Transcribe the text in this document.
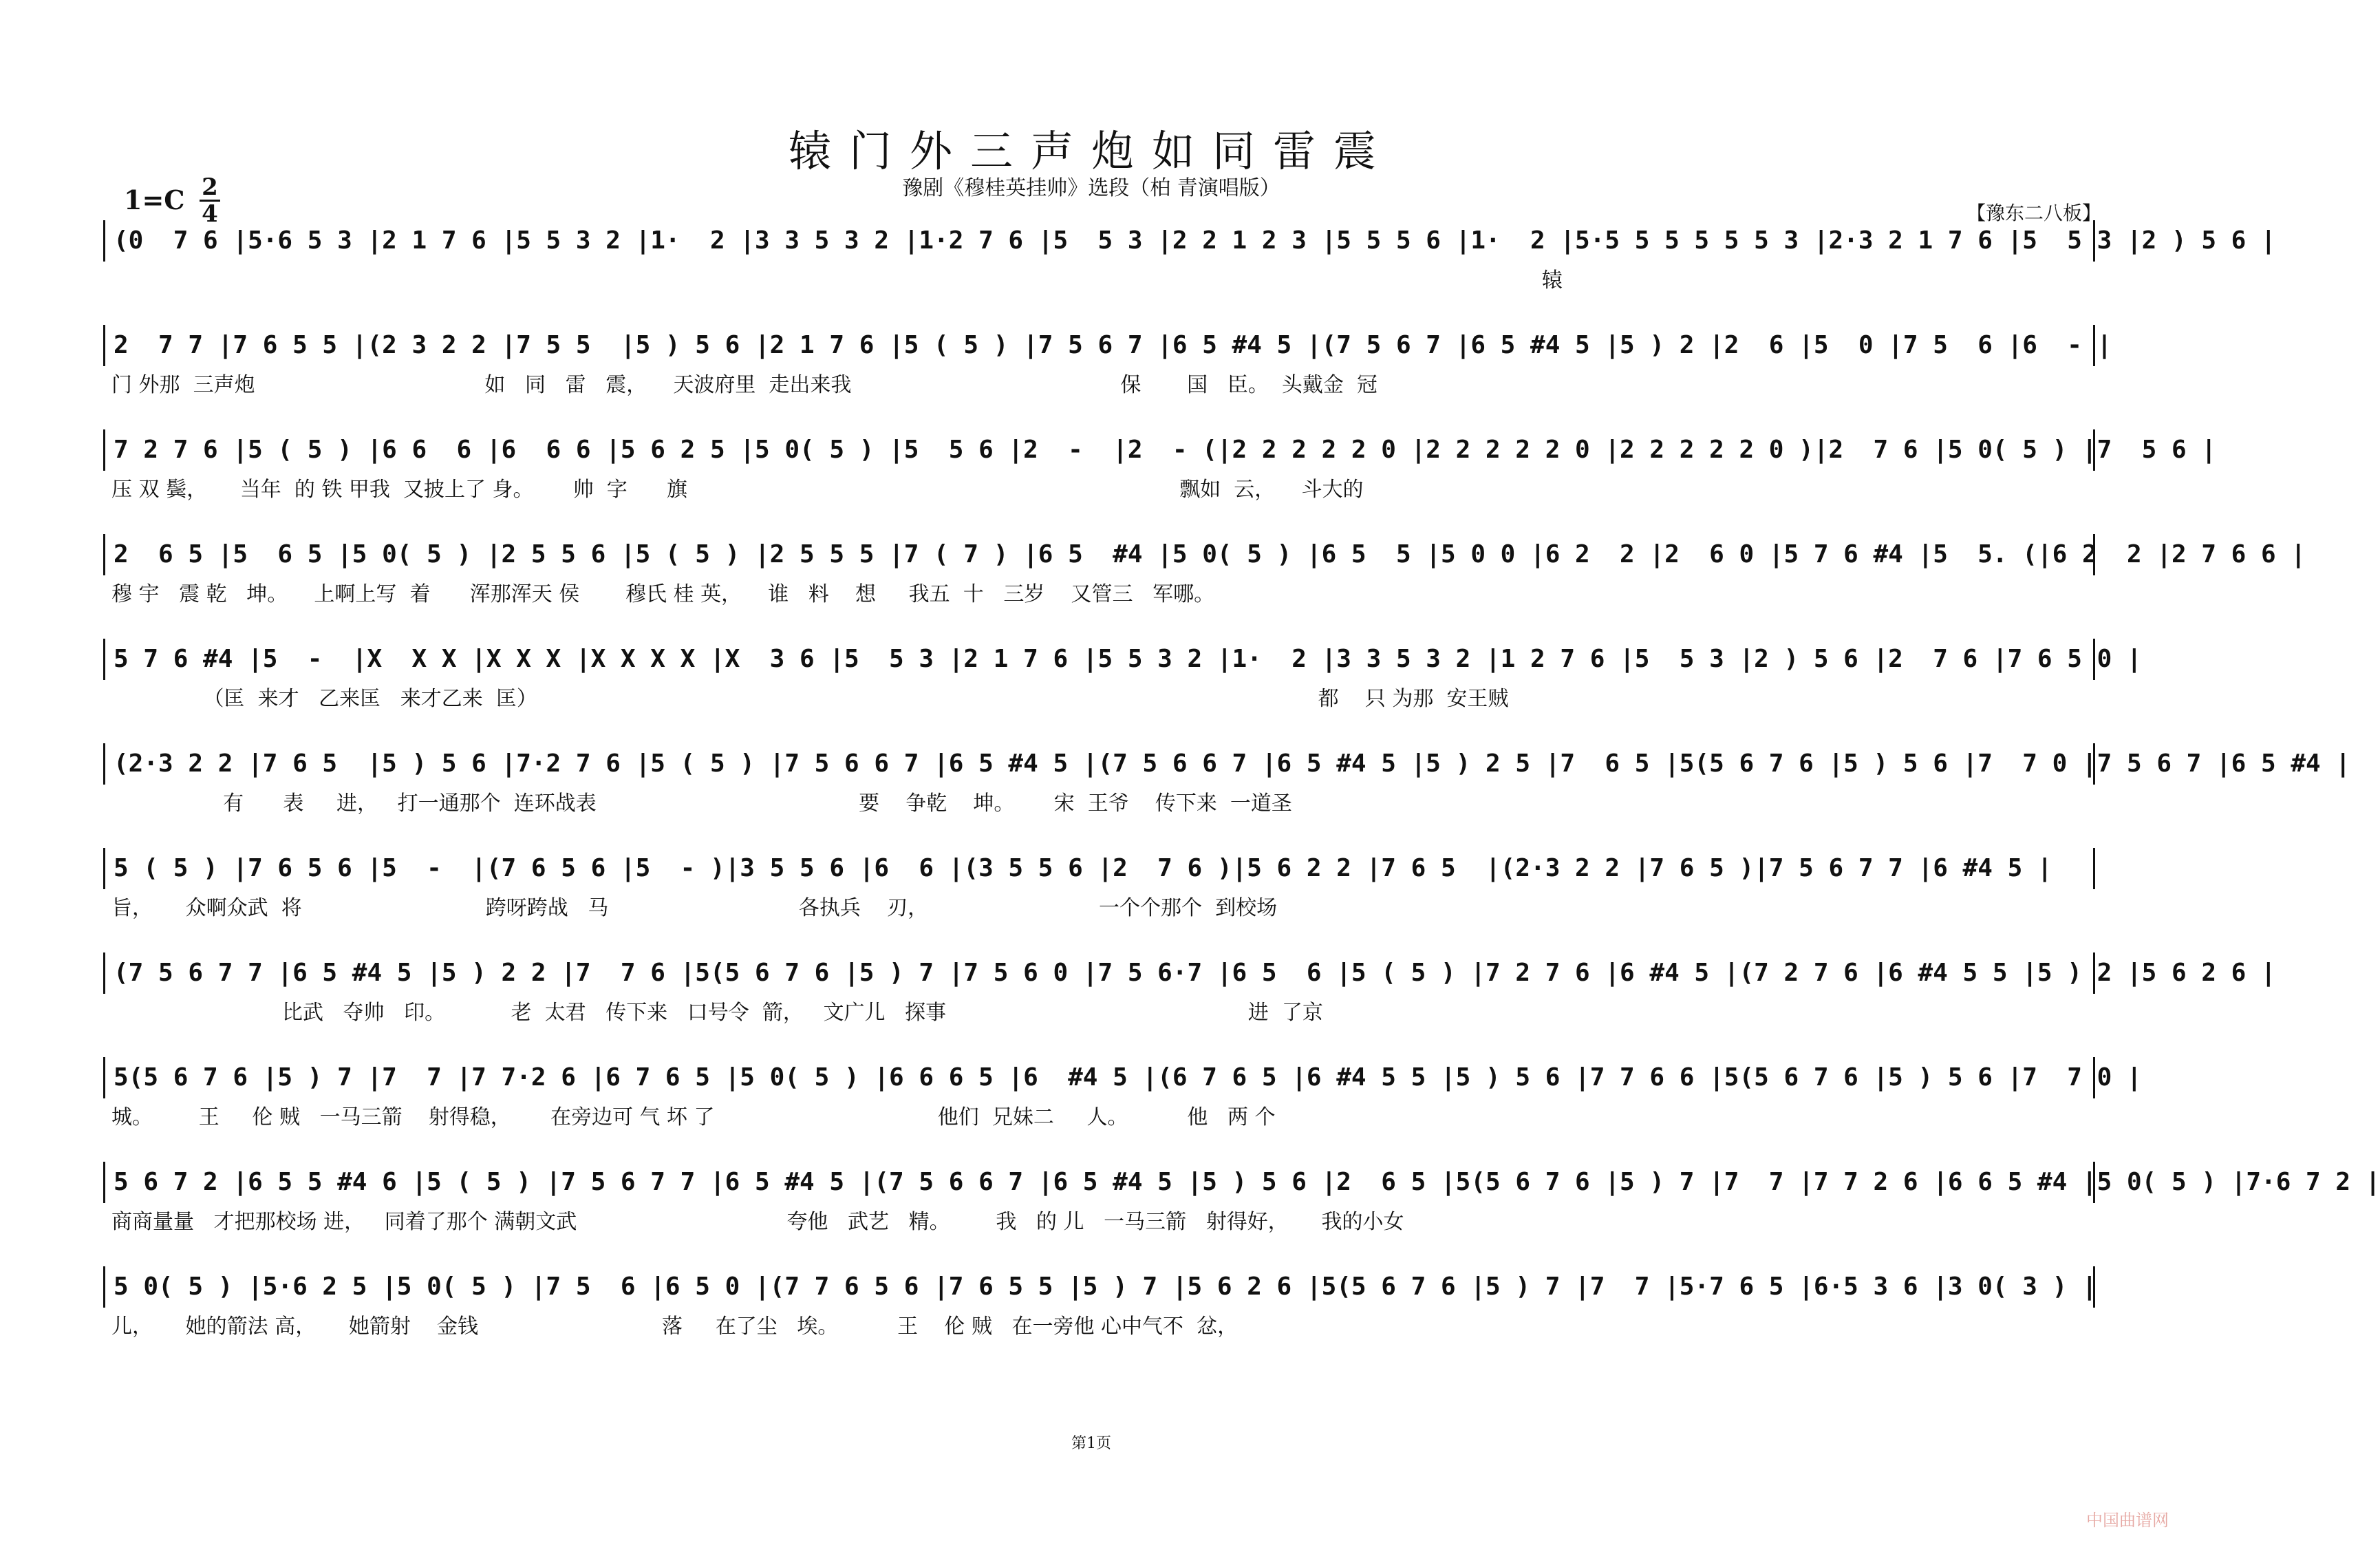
辕门外三声炮如同雷震
豫剧《穆桂英挂帅》选段（柏 青演唱版）
1=C 2
4	【豫东二八板】
(0  7 6 |5·6 5 3 |2 1 7 6 |5 5 3 2 |1·  2 |3 3 5 3 2 |1·2 7 6 |5  5 3 |2 2 1 2 3 |5 5 5 6 |1·  2 |5·5 5 5 5 5 5 3 |2·3 2 1 7 6 |5  5 3 |2 ) 5 6 |
辕
2  7 7 |7 6 5 5 |(2 3 2 2 |7 5 5  |5 ) 5 6 |2 1 7 6 |5 ( 5 ) |7 5 6 7 |6 5 #4 5 |(7 5 6 7 |6 5 #4 5 |5 ) 2 |2  6 |5  0 |7 5  6 |6  - |
门 外那  三声炮                                   如   同   雷   震，    天波府里  走出来我                                         保       国   臣。  头戴金  冠
7 2 7 6 |5 ( 5 ) |6 6  6 |6  6 6 |5 6 2 5 |5 0( 5 ) |5  5 6 |2  -  |2  - (|2 2 2 2 2 0 |2 2 2 2 2 0 |2 2 2 2 2 0 )|2  7 6 |5 0( 5 ) |7  5 6 |
压 双 鬓，     当年  的 铁 甲我  又披上了 身。      帅  字      旗                                                                           飘如  云，    斗大的
2  6 5 |5  6 5 |5 0( 5 ) |2 5 5 6 |5 ( 5 ) |2 5 5 5 |7 ( 7 ) |6 5  #4 |5 0( 5 ) |6 5  5 |5 0 0 |6 2  2 |2  6 0 |5 7 6 #4 |5  5. (|6 2  2 |2 7 6 6 |
穆 宇   震 乾   坤。    上啊上写  着      浑那浑天 侯       穆氏 桂 英，    谁   料    想     我五  十   三岁    又管三   军哪。
5 7 6 #4 |5  -  |X  X X |X X X |X X X X |X  3 6 |5  5 3 |2 1 7 6 |5 5 3 2 |1·  2 |3 3 5 3 2 |1 2 7 6 |5  5 3 |2 ) 5 6 |2  7 6 |7 6 5 0 |
（匡  来才   乙来匡   来才乙来  匡）                                                                                                                       都    只 为那  安王贼
(2·3 2 2 |7 6 5  |5 ) 5 6 |7·2 7 6 |5 ( 5 ) |7 5 6 6 7 |6 5 #4 5 |(7 5 6 6 7 |6 5 #4 5 |5 ) 2 5 |7  6 5 |5(5 6 7 6 |5 ) 5 6 |7  7 0 |7 5 6 7 |6 5 #4 |
有      表     进，   打一通那个  连环战表                                        要    争乾    坤。      宋  王爷    传下来  一道圣
5 ( 5 ) |7 6 5 6 |5  -  |(7 6 5 6 |5  - )|3 5 5 6 |6  6 |(3 5 5 6 |2  7 6 )|5 6 2 2 |7 6 5  |(2·3 2 2 |7 6 5 )|7 5 6 7 7 |6 #4 5 |
旨，     众啊众武  将                            跨呀跨战   马                             各执兵    刃，                          一个个那个  到校场
(7 5 6 7 7 |6 5 #4 5 |5 ) 2 2 |7  7 6 |5(5 6 7 6 |5 ) 7 |7 5 6 0 |7 5 6·7 |6 5  6 |5 ( 5 ) |7 2 7 6 |6 #4 5 |(7 2 7 6 |6 #4 5 5 |5 ) 2 |5 6 2 6 |
比武   夺帅   印。          老  太君   传下来   口号令  箭，   文广儿   探事                                              进  了京
5(5 6 7 6 |5 ) 7 |7  7 |7 7·2 6 |6 7 6 5 |5 0( 5 ) |6 6 6 5 |6  #4 5 |(6 7 6 5 |6 #4 5 5 |5 ) 5 6 |7 7 6 6 |5(5 6 7 6 |5 ) 5 6 |7  7 0 |
城。       王     伦 贼   一马三箭    射得稳，      在旁边可 气 坏 了                                  他们  兄妹二     人。         他   两 个
5 6 7 2 |6 5 5 #4 6 |5 ( 5 ) |7 5 6 7 7 |6 5 #4 5 |(7 5 6 6 7 |6 5 #4 5 |5 ) 5 6 |2  6 5 |5(5 6 7 6 |5 ) 7 |7  7 |7 7 2 6 |6 6 5 #4 |5 0( 5 ) |7·6 7 2 |
商商量量   才把那校场 进，   同着了那个 满朝文武                                夸他   武艺   精。       我   的 儿   一马三箭   射得好，     我的小女
5 0( 5 ) |5·6 2 5 |5 0( 5 ) |7 5  6 |6 5 0 |(7 7 6 5 6 |7 6 5 5 |5 ) 7 |5 6 2 6 |5(5 6 7 6 |5 ) 7 |7  7 |5·7 6 5 |6·5 3 6 |3 0( 3 ) |
儿，     她的箭法 高，     她箭射    金钱                            落     在了尘   埃。         王    伦 贼   在一旁他 心中气不  忿，
第1页
中国曲谱网
